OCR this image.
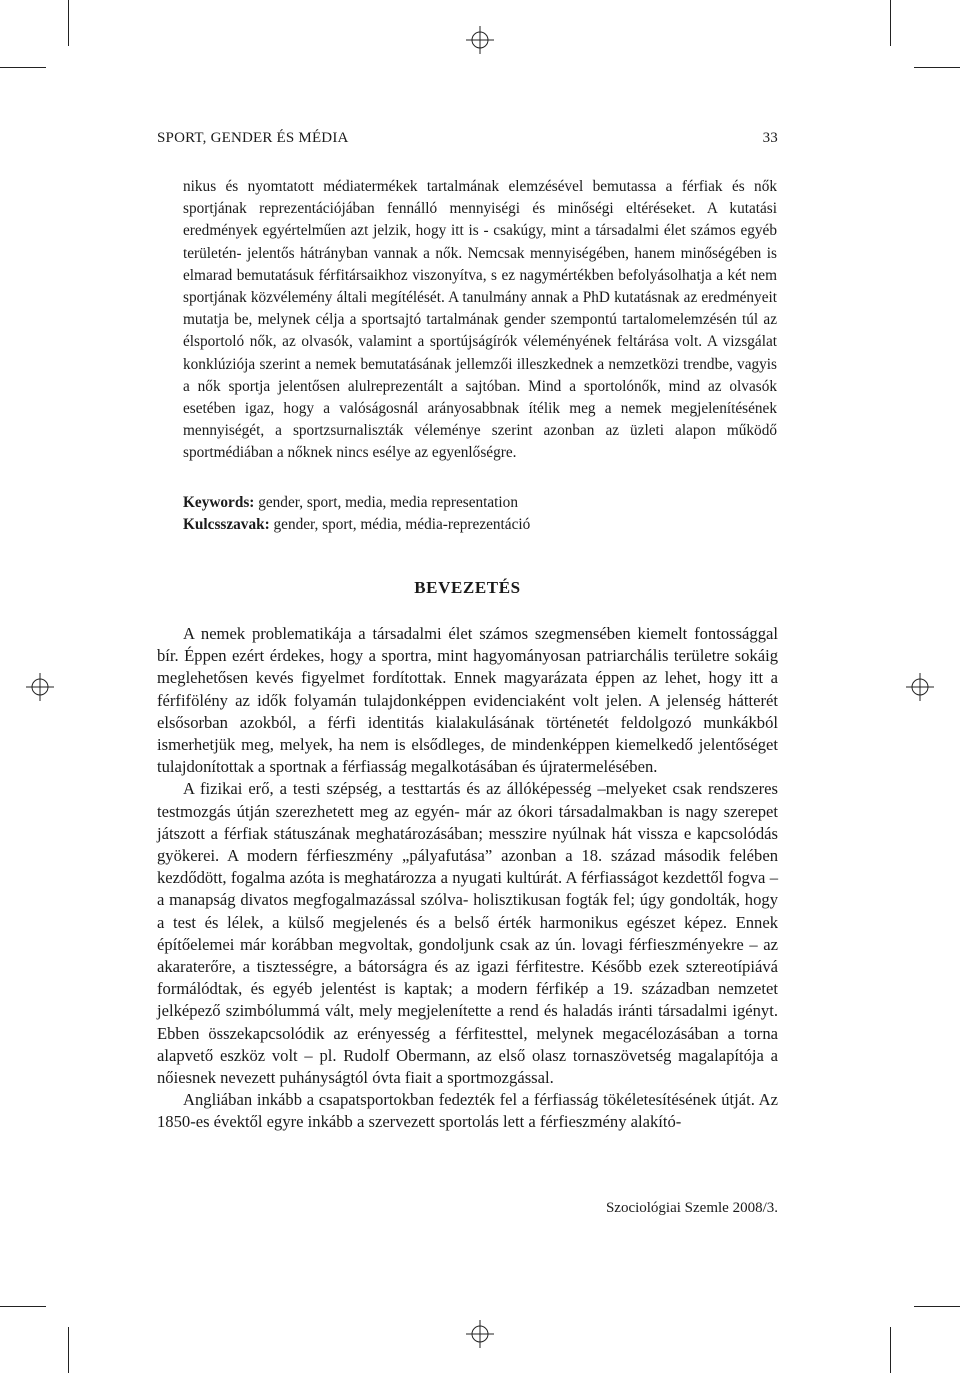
SPORT, GENDER ÉS MÉDIA	33

nikus és nyomtatott médiatermékek tartalmának elemzésével bemutassa a férfiak és nők sportjának reprezentációjában fennálló mennyiségi és minőségi eltéréseket. A kutatási eredmények egyértelműen azt jelzik, hogy itt is - csakúgy, mint a társadalmi élet számos egyéb területén- jelentős hátrányban vannak a nők. Nemcsak mennyiségében, hanem minőségében is elmarad bemutatásuk férfitársaikhoz viszonyítva, s ez nagymértékben befolyásolhatja a két nem sportjának közvélemény általi megítélését. A tanulmány annak a PhD kutatásnak az eredményeit mutatja be, melynek célja a sportsajtó tartalmának gender szempontú tartalomelemzésén túl az élsportoló nők, az olvasók, valamint a sportújságírók véleményének feltárása volt. A vizsgálat konklúziója szerint a nemek bemutatásának jellemzői illeszkednek a nemzetközi trendbe, vagyis a nők sportja jelentősen alulreprezentált a sajtóban. Mind a sportolónők, mind az olvasók esetében igaz, hogy a valóságosnál arányosabbnak ítélik meg a nemek megjelenítésének mennyiségét, a sportzsurnaliszták véleménye szerint azonban az üzleti alapon működő sportmédiában a nőknek nincs esélye az egyenlőségre.

Keywords: gender, sport, media, media representation
Kulcsszavak: gender, sport, média, média-reprezentáció
BEVEZETÉS

A nemek problematikája a társadalmi élet számos szegmensében kiemelt fontossággal bír. Éppen ezért érdekes, hogy a sportra, mint hagyományosan patriarchális területre sokáig meglehetősen kevés figyelmet fordítottak. Ennek magyarázata éppen az lehet, hogy itt a férfifölény az idők folyamán tulajdonképpen evidenciaként volt jelen. A jelenség hátterét elsősorban azokból, a férfi identitás kialakulásának történetét feldolgozó munkákból ismerhetjük meg, melyek, ha nem is elsődleges, de mindenképpen kiemelkedő jelentőséget tulajdonítottak a sportnak a férfiasság megalkotásában és újratermelésében.

A fizikai erő, a testi szépség, a testtartás és az állóképesség –melyeket csak rendszeres testmozgás útján szerezhetett meg az egyén- már az ókori társadalmakban is nagy szerepet játszott a férfiak státuszának meghatározásában; messzire nyúlnak hát vissza e kapcsolódás gyökerei. A modern férfieszmény „pályafutása” azonban a 18. század második felében kezdődött, fogalma azóta is meghatározza a nyugati kultúrát. A férfiasságot kezdettől fogva –a manapság divatos megfogalmazással szólva- holisztikusan fogták fel; úgy gondolták, hogy a test és lélek, a külső megjelenés és a belső érték harmonikus egészet képez. Ennek építőelemei már korábban megvoltak, gondoljunk csak az ún. lovagi férfieszményekre – az akaraterőre, a tisztességre, a bátorságra és az igazi férfitestre. Később ezek sztereotípiává formálódtak, és egyéb jelentést is kaptak; a modern férfikép a 19. században nemzetet jelképező szimbólummá vált, mely megjelenítette a rend és haladás iránti társadalmi igényt. Ebben összekapcsolódik az erényesség a férfitesttel, melynek megacélozásában a torna alapvető eszköz volt – pl. Rudolf Obermann, az első olasz tornaszövetség magalapítója a nőiesnek nevezett puhányságtól óvta fiait a sportmozgással.

Angliában inkább a csapatsportokban fedezték fel a férfiasság tökéletesítésének útját. Az 1850-es évektől egyre inkább a szervezett sportolás lett a férfieszmény alakító-

Szociológiai Szemle 2008/3.
